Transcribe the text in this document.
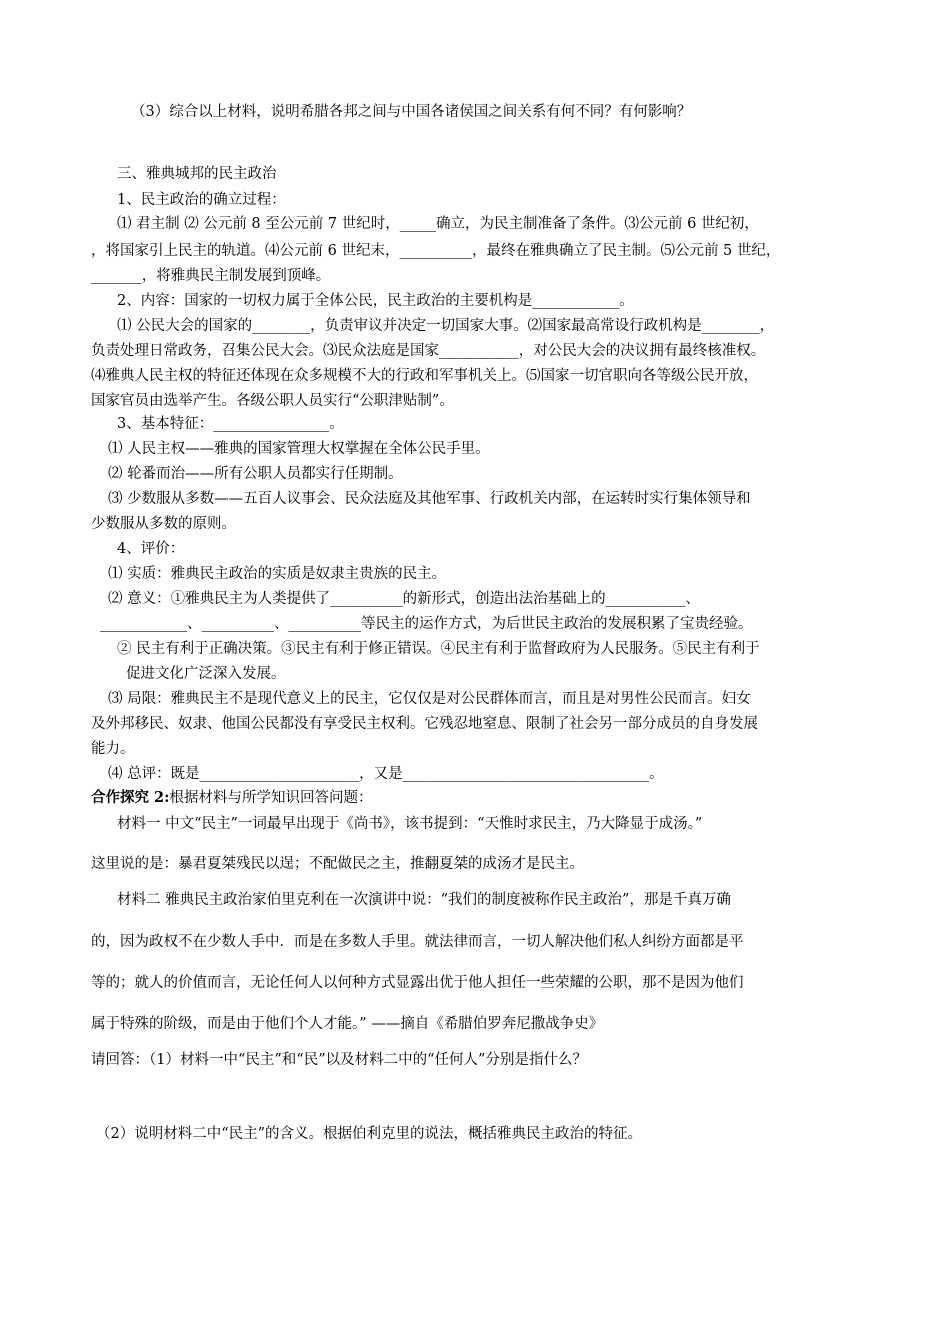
（3）综合以上材料，说明希腊各邦之间与中国各诸侯国之间关系有何不同？有何影响？
三、雅典城邦的民主政治
1、民主政治的确立过程：
⑴ 君主制 ⑵ 公元前 8 至公元前 7 世纪时，_____确立，为民主制准备了条件。⑶公元前 6 世纪初，
，将国家引上民主的轨道。⑷公元前 6 世纪末，__________，最终在雅典确立了民主制。⑸公元前 5 世纪，
_______，将雅典民主制发展到顶峰。
2、内容：国家的一切权力属于全体公民，民主政治的主要机构是____________。
⑴ 公民大会的国家的________，负责审议并决定一切国家大事。⑵国家最高常设行政机构是________，
负责处理日常政务，召集公民大会。⑶民众法庭是国家___________，对公民大会的决议拥有最终核准权。
⑷雅典人民主权的特征还体现在众多规模不大的行政和军事机关上。⑸国家一切官职向各等级公民开放，
国家官员由选举产生。各级公职人员实行“公职津贴制”。
3、基本特征：________________。
⑴ 人民主权——雅典的国家管理大权掌握在全体公民手里。
⑵ 轮番而治——所有公职人员都实行任期制。
⑶ 少数服从多数——五百人议事会、民众法庭及其他军事、行政机关内部，在运转时实行集体领导和
少数服从多数的原则。
4、评价：
⑴ 实质：雅典民主政治的实质是奴隶主贵族的民主。
⑵ 意义：①雅典民主为人类提供了__________的新形式，创造出法治基础上的___________、
____________、__________、__________等民主的运作方式，为后世民主政治的发展积累了宝贵经验。
② 民主有利于正确决策。③民主有利于修正错误。④民主有利于监督政府为人民服务。⑤民主有利于
促进文化广泛深入发展。
⑶ 局限：雅典民主不是现代意义上的民主，它仅仅是对公民群体而言，而且是对男性公民而言。妇女
及外邦移民、奴隶、他国公民都没有享受民主权利。它残忍地窒息、限制了社会另一部分成员的自身发展
能力。
⑷ 总评：既是______________________，又是__________________________________。
合作探究 2:根据材料与所学知识回答问题：
材料一 中文“民主”一词最早出现于《尚书》，该书提到：“天惟时求民主，乃大降显于成汤。”
这里说的是：暴君夏桀残民以逞；不配做民之主，推翻夏桀的成汤才是民主。
材料二 雅典民主政治家伯里克利在一次演讲中说：“我们的制度被称作民主政治”，那是千真万确
的，因为政权不在少数人手中．而是在多数人手里。就法律而言，一切人解决他们私人纠纷方面都是平
等的；就人的价值而言，无论任何人以何种方式显露出优于他人担任一些荣耀的公职，那不是因为他们
属于特殊的阶级，而是由于他们个人才能。” ——摘自《希腊伯罗奔尼撒战争史》
请回答：（1）材料一中“民主”和“民”以及材料二中的“任何人”分别是指什么？
（2）说明材料二中“民主”的含义。根据伯利克里的说法，概括雅典民主政治的特征。
